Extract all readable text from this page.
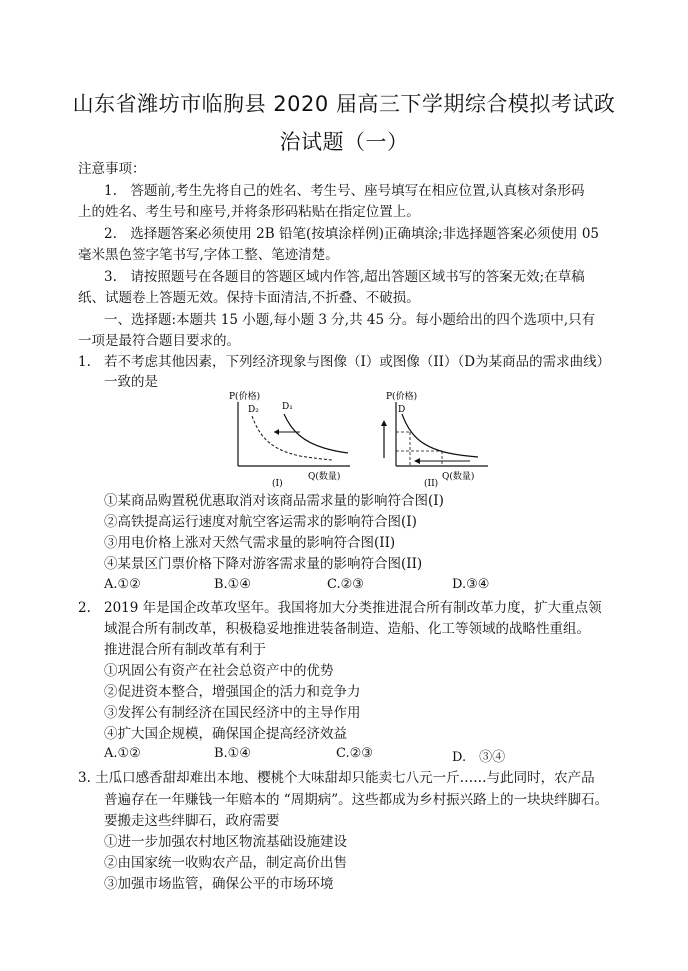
山东省潍坊市临朐县 2020 届高三下学期综合模拟考试政
治试题（一）
注意事项：
1.　答题前,考生先将自己的姓名、考生号、座号填写在相应位置,认真核对条形码
上的姓名、考生号和座号,并将条形码粘贴在指定位置上。
2.　选择题答案必须使用 2B 铅笔(按填涂样例)正确填涂;非选择题答案必须使用 05
毫米黑色签字笔书写,字体工整、笔迹清楚。
3.　请按照题号在各题目的答题区域内作答,超出答题区域书写的答案无效;在草稿
纸、试题卷上答题无效。保持卡面清洁,不折叠、不破损。
一、选择题:本题共 15 小题,每小题 3 分,共 45 分。每小题给出的四个选项中,只有
一项是最符合题目要求的。
1. 若不考虑其他因素，下列经济现象与图像（I）或图像（II）（D为某商品的需求曲线）
一致的是
P(价格)
D₂	D₁
Q(数量)
(I)
P(价格)
D
Q(数量)
(II)
①某商品购置税优惠取消对该商品需求量的影响符合图(I)
②高铁提高运行速度对航空客运需求的影响符合图(I)
③用电价格上涨对天然气需求量的影响符合图(II)
④某景区门票价格下降对游客需求量的影响符合图(II)
A.①②	B.①④	C.②③	D.③④
2. 2019 年是国企改革攻坚年。我国将加大分类推进混合所有制改革力度，扩大重点领
域混合所有制改革，积极稳妥地推进装备制造、造船、化工等领域的战略性重组。
推进混合所有制改革有利于
①巩固公有资产在社会总资产中的优势
②促进资本整合，增强国企的活力和竞争力
③发挥公有制经济在国民经济中的主导作用
④扩大国企规模，确保国企提高经济效益
A.①②	B.①④	C.②③	D.　③④
3. 土瓜口感香甜却难出本地、樱桃个大味甜却只能卖七八元一斤……与此同时，农产品
普遍存在一年赚钱一年赔本的 “周期病”。这些都成为乡村振兴路上的一块块绊脚石。
要搬走这些绊脚石，政府需要
①进一步加强农村地区物流基础设施建设
②由国家统一收购农产品，制定高价出售
③加强市场监管，确保公平的市场环境
